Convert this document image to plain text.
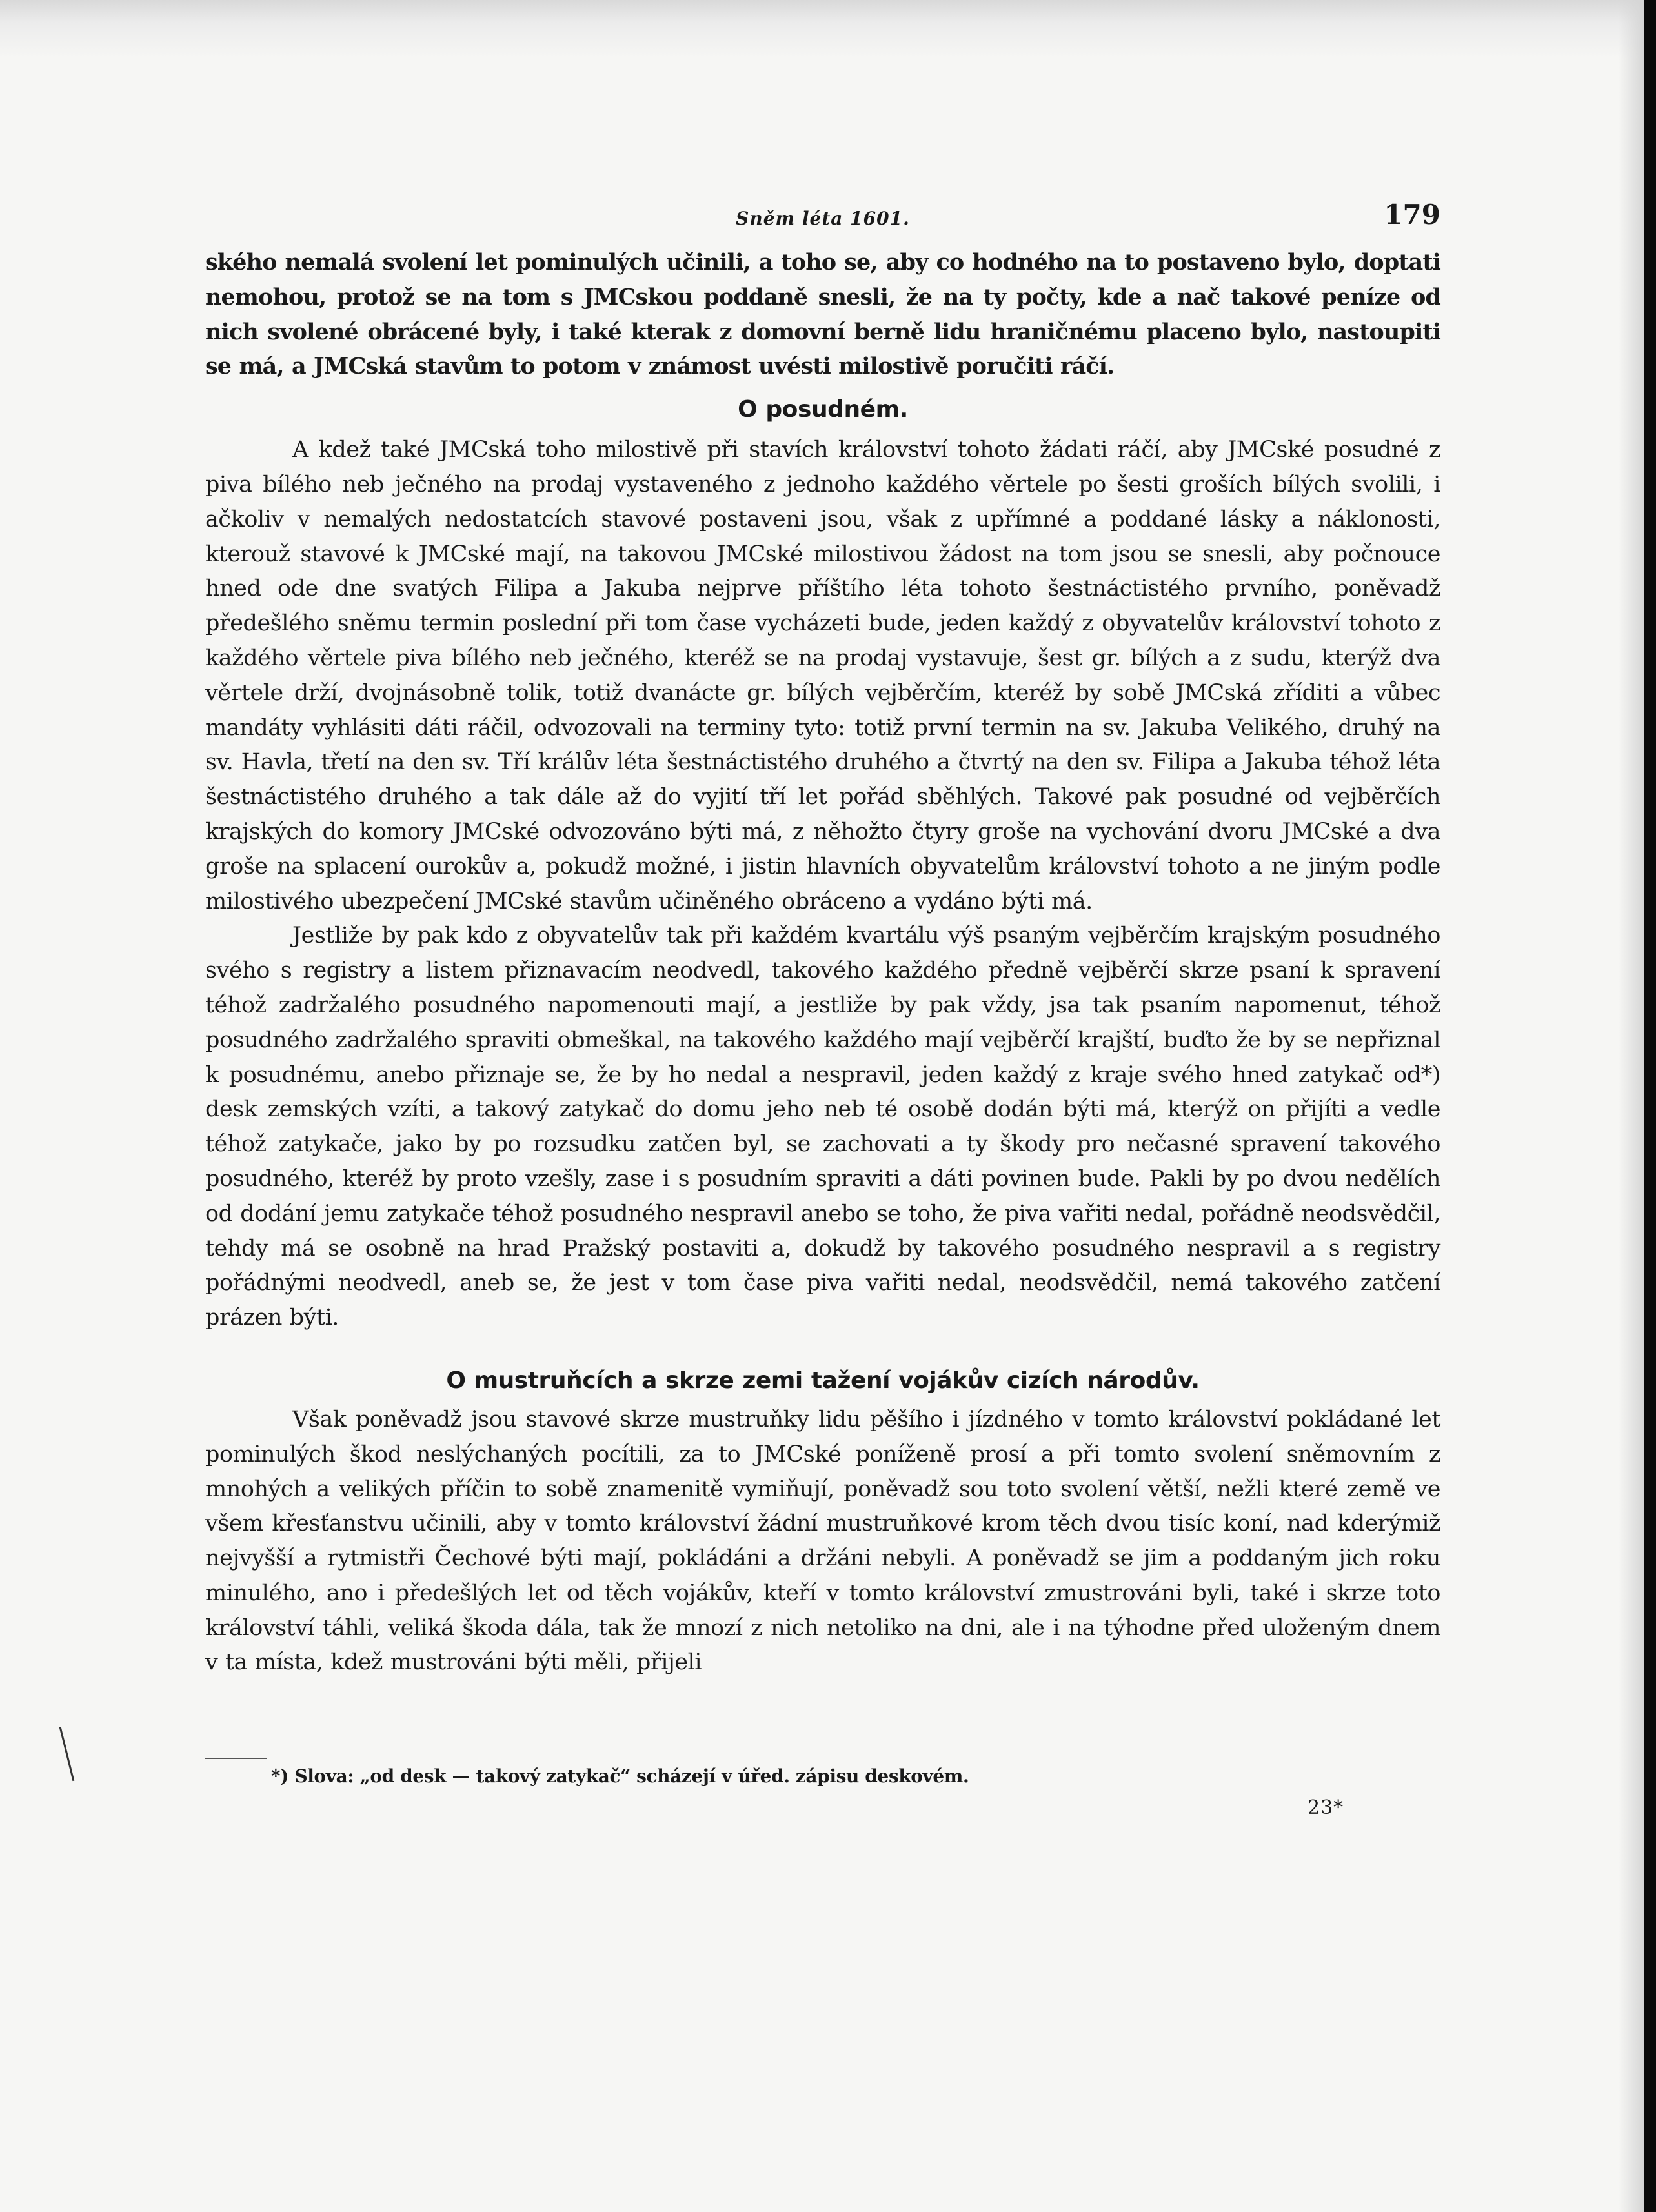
Sněm léta 1601.	179

ského nemalá svolení let pominulých učinili, a toho se, aby co hodného na to postaveno bylo, doptati nemohou, protož se na tom s JMCskou poddaně snesli, že na ty počty, kde a nač takové peníze od nich svolené obrácené byly, i také kterak z domovní berně lidu hraničnému placeno bylo, nastoupiti se má, a JMCská stavům to potom v známost uvésti milostivě poručiti ráčí.

O posudném.

A kdež také JMCská toho milostivě při stavích království tohoto žádati ráčí, aby JMCské posudné z piva bílého neb ječného na prodaj vystaveného z jednoho každého věrtele po šesti groších bílých svolili, i ačkoliv v nemalých nedostatcích stavové postaveni jsou, však z upřímné a poddané lásky a náklonosti, kterouž stavové k JMCské mají, na takovou JMCské milostivou žádost na tom jsou se snesli, aby počnouce hned ode dne svatých Filipa a Jakuba nejprve příštího léta tohoto šestnáctistého prvního, poněvadž předešlého sněmu termin poslední při tom čase vycházeti bude, jeden každý z obyvatelův království tohoto z každého věrtele piva bílého neb ječného, kteréž se na prodaj vystavuje, šest gr. bílých a z sudu, kterýž dva věrtele drží, dvojnásobně tolik, totiž dvanácte gr. bílých vejběrčím, kteréž by sobě JMCská zříditi a vůbec mandáty vyhlásiti dáti ráčil, odvozovali na terminy tyto: totiž první termin na sv. Jakuba Velikého, druhý na sv. Havla, třetí na den sv. Tří králův léta šestnáctistého druhého a čtvrtý na den sv. Filipa a Jakuba téhož léta šestnáctistého druhého a tak dále až do vyjití tří let pořád sběhlých. Takové pak posudné od vejběrčích krajských do komory JMCské odvozováno býti má, z něhožto čtyry groše na vychování dvoru JMCské a dva groše na splacení ourokův a, pokudž možné, i jistin hlavních obyvatelům království tohoto a ne jiným podle milostivého ubezpečení JMCské stavům učiněného obráceno a vydáno býti má.

Jestliže by pak kdo z obyvatelův tak při každém kvartálu výš psaným vejběrčím krajským posudného svého s registry a listem přiznavacím neodvedl, takového každého předně vejběrčí skrze psaní k spravení téhož zadržalého posudného napomenouti mají, a jestliže by pak vždy, jsa tak psaním napomenut, téhož posudného zadržalého spraviti obmeškal, na takového každého mají vejběrčí krajští, buďto že by se nepřiznal k posudnému, anebo přiznaje se, že by ho nedal a nespravil, jeden každý z kraje svého hned zatykač od*) desk zemských vzíti, a takový zatykač do domu jeho neb té osobě dodán býti má, kterýž on přijíti a vedle téhož zatykače, jako by po rozsudku zatčen byl, se zachovati a ty škody pro nečasné spravení takového posudného, kteréž by proto vzešly, zase i s posudním spraviti a dáti povinen bude. Pakli by po dvou nedělích od dodání jemu zatykače téhož posudného nespravil anebo se toho, že piva vařiti nedal, pořádně neodsvědčil, tehdy má se osobně na hrad Pražský postaviti a, dokudž by takového posudného nespravil a s registry pořádnými neodvedl, aneb se, že jest v tom čase piva vařiti nedal, neodsvědčil, nemá takového zatčení prázen býti.

O mustruňcích a skrze zemi tažení vojákův cizích národův.

Však poněvadž jsou stavové skrze mustruňky lidu pěšího i jízdného v tomto království pokládané let pominulých škod neslýchaných pocítili, za to JMCské poníženě prosí a při tomto svolení sněmovním z mnohých a velikých příčin to sobě znamenitě vymiňují, poněvadž sou toto svolení větší, nežli které země ve všem křesťanstvu učinili, aby v tomto království žádní mustruňkové krom těch dvou tisíc koní, nad kderýmiž nejvyšší a rytmistři Čechové býti mají, pokládáni a držáni nebyli. A poněvadž se jim a poddaným jich roku minulého, ano i předešlých let od těch vojákův, kteří v tomto království zmustrováni byli, také i skrze toto království táhli, veliká škoda dála, tak že mnozí z nich netoliko na dni, ale i na týhodne před uloženým dnem v ta místa, kdež mustrováni býti měli, přijeli

*) Slova: „od desk — takový zatykač“ scházejí v úřed. zápisu deskovém.
23*
